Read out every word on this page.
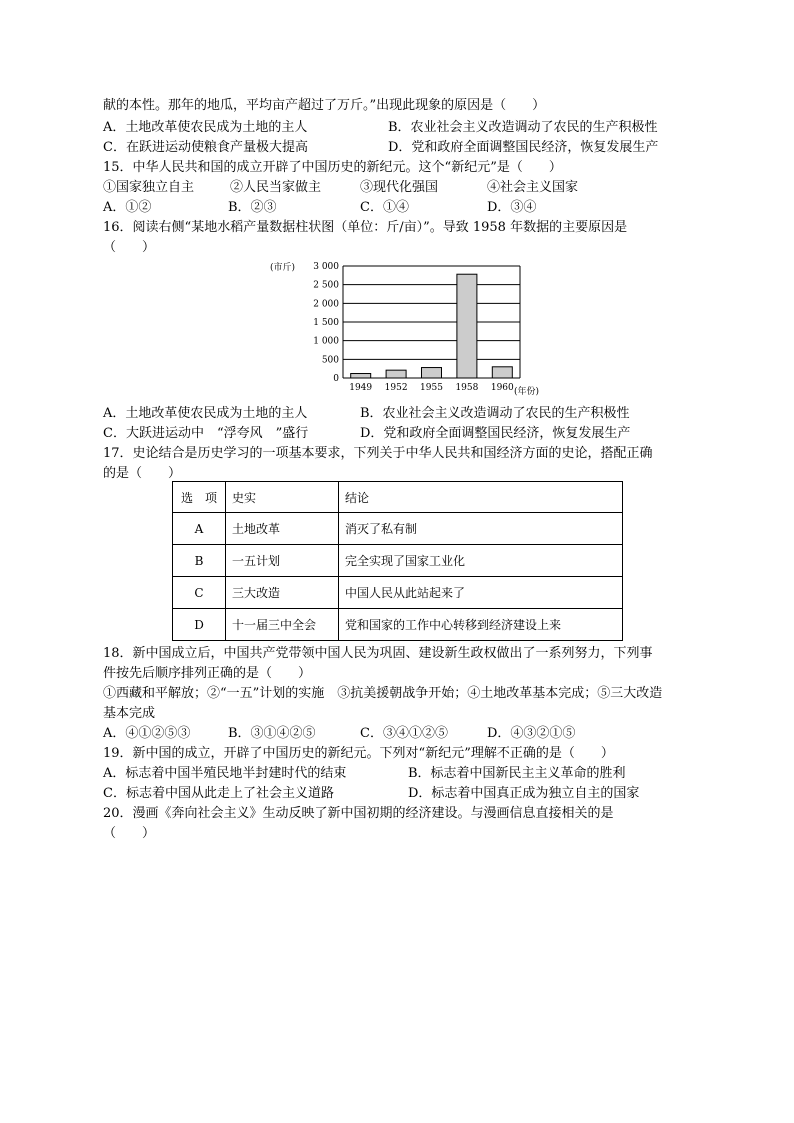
献的本性。那年的地瓜，平均亩产超过了万斤。”出现此现象的原因是（　　）
A．土地改革使农民成为土地的主人	B．农业社会主义改造调动了农民的生产积极性
C．在跃进运动使粮食产量极大提高	D．党和政府全面调整国民经济，恢复发展生产
15．中华人民共和国的成立开辟了中国历史的新纪元。这个“新纪元”是（　　）
①国家独立自主	②人民当家做主	③现代化强国	④社会主义国家
A．①②	B．②③	C．①④	D．③④
16．阅读右侧“某地水稻产量数据柱状图（单位：斤/亩）”。导致 1958 年数据的主要原因是
（　　）
(市斤) 3 000
2 500
2 000
1 500
1 000
500
0
1949 1952 1955 1958 1960 (年份)
A．土地改革使农民成为土地的主人	B．农业社会主义改造调动了农民的生产积极性
C．大跃进运动中　“浮夸风　”盛行	D．党和政府全面调整国民经济，恢复发展生产
17．史论结合是历史学习的一项基本要求，下列关于中华人民共和国经济方面的史论，搭配正确
的是（　　）
选　项	史实	结论
A	土地改革	消灭了私有制
B	一五计划	完全实现了国家工业化
C	三大改造	中国人民从此站起来了
D	十一届三中全会	党和国家的工作中心转移到经济建设上来
18．新中国成立后，中国共产党带领中国人民为巩固、建设新生政权做出了一系列努力，下列事
件按先后顺序排列正确的是（　　）
①西藏和平解放；②“一五”计划的实施　③抗美援朝战争开始；④土地改革基本完成；⑤三大改造
基本完成
A．④①②⑤③	B．③①④②⑤	C．③④①②⑤	D．④③②①⑤
19．新中国的成立，开辟了中国历史的新纪元。下列对“新纪元”理解不正确的是（　　）
A．标志着中国半殖民地半封建时代的结束	B．标志着中国新民主主义革命的胜利
C．标志着中国从此走上了社会主义道路	D．标志着中国真正成为独立自主的国家
20．漫画《奔向社会主义》生动反映了新中国初期的经济建设。与漫画信息直接相关的是
（　　）
